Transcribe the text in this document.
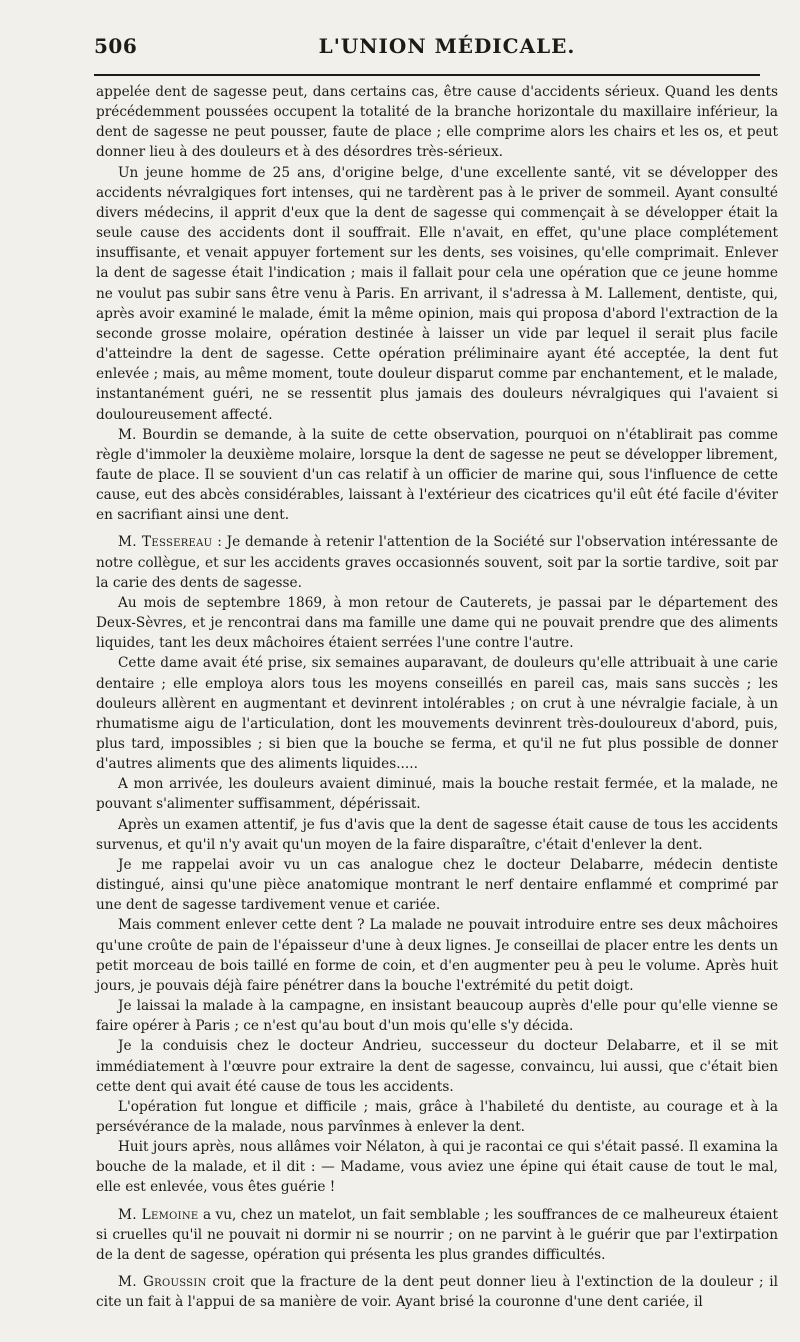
506	L'UNION MÉDICALE.

appelée dent de sagesse peut, dans certains cas, être cause d'accidents sérieux. Quand les dents précédemment poussées occupent la totalité de la branche horizontale du maxillaire inférieur, la dent de sagesse ne peut pousser, faute de place ; elle comprime alors les chairs et les os, et peut donner lieu à des douleurs et à des désordres très-sérieux.

Un jeune homme de 25 ans, d'origine belge, d'une excellente santé, vit se développer des accidents névralgiques fort intenses, qui ne tardèrent pas à le priver de sommeil. Ayant consulté divers médecins, il apprit d'eux que la dent de sagesse qui commençait à se développer était la seule cause des accidents dont il souffrait. Elle n'avait, en effet, qu'une place complétement insuffisante, et venait appuyer fortement sur les dents, ses voisines, qu'elle comprimait. Enlever la dent de sagesse était l'indication ; mais il fallait pour cela une opération que ce jeune homme ne voulut pas subir sans être venu à Paris. En arrivant, il s'adressa à M. Lallement, dentiste, qui, après avoir examiné le malade, émit la même opinion, mais qui proposa d'abord l'extraction de la seconde grosse molaire, opération destinée à laisser un vide par lequel il serait plus facile d'atteindre la dent de sagesse. Cette opération préliminaire ayant été acceptée, la dent fut enlevée ; mais, au même moment, toute douleur disparut comme par enchantement, et le malade, instantanément guéri, ne se ressentit plus jamais des douleurs névralgiques qui l'avaient si douloureusement affecté.

M. Bourdin se demande, à la suite de cette observation, pourquoi on n'établirait pas comme règle d'immoler la deuxième molaire, lorsque la dent de sagesse ne peut se développer librement, faute de place. Il se souvient d'un cas relatif à un officier de marine qui, sous l'influence de cette cause, eut des abcès considérables, laissant à l'extérieur des cicatrices qu'il eût été facile d'éviter en sacrifiant ainsi une dent.

M. Tessereau : Je demande à retenir l'attention de la Société sur l'observation intéressante de notre collègue, et sur les accidents graves occasionnés souvent, soit par la sortie tardive, soit par la carie des dents de sagesse.

Au mois de septembre 1869, à mon retour de Cauterets, je passai par le département des Deux-Sèvres, et je rencontrai dans ma famille une dame qui ne pouvait prendre que des aliments liquides, tant les deux mâchoires étaient serrées l'une contre l'autre.

Cette dame avait été prise, six semaines auparavant, de douleurs qu'elle attribuait à une carie dentaire ; elle employa alors tous les moyens conseillés en pareil cas, mais sans succès ; les douleurs allèrent en augmentant et devinrent intolérables ; on crut à une névralgie faciale, à un rhumatisme aigu de l'articulation, dont les mouvements devinrent très-douloureux d'abord, puis, plus tard, impossibles ; si bien que la bouche se ferma, et qu'il ne fut plus possible de donner d'autres aliments que des aliments liquides.....

A mon arrivée, les douleurs avaient diminué, mais la bouche restait fermée, et la malade, ne pouvant s'alimenter suffisamment, dépérissait.

Après un examen attentif, je fus d'avis que la dent de sagesse était cause de tous les accidents survenus, et qu'il n'y avait qu'un moyen de la faire disparaître, c'était d'enlever la dent.

Je me rappelai avoir vu un cas analogue chez le docteur Delabarre, médecin dentiste distingué, ainsi qu'une pièce anatomique montrant le nerf dentaire enflammé et comprimé par une dent de sagesse tardivement venue et cariée.

Mais comment enlever cette dent ? La malade ne pouvait introduire entre ses deux mâchoires qu'une croûte de pain de l'épaisseur d'une à deux lignes. Je conseillai de placer entre les dents un petit morceau de bois taillé en forme de coin, et d'en augmenter peu à peu le volume. Après huit jours, je pouvais déjà faire pénétrer dans la bouche l'extrémité du petit doigt.

Je laissai la malade à la campagne, en insistant beaucoup auprès d'elle pour qu'elle vienne se faire opérer à Paris ; ce n'est qu'au bout d'un mois qu'elle s'y décida.

Je la conduisis chez le docteur Andrieu, successeur du docteur Delabarre, et il se mit immédiatement à l'œuvre pour extraire la dent de sagesse, convaincu, lui aussi, que c'était bien cette dent qui avait été cause de tous les accidents.

L'opération fut longue et difficile ; mais, grâce à l'habileté du dentiste, au courage et à la persévérance de la malade, nous parvînmes à enlever la dent.

Huit jours après, nous allâmes voir Nélaton, à qui je racontai ce qui s'était passé. Il examina la bouche de la malade, et il dit : — Madame, vous aviez une épine qui était cause de tout le mal, elle est enlevée, vous êtes guérie !

M. Lemoine a vu, chez un matelot, un fait semblable ; les souffrances de ce malheureux étaient si cruelles qu'il ne pouvait ni dormir ni se nourrir ; on ne parvint à le guérir que par l'extirpation de la dent de sagesse, opération qui présenta les plus grandes difficultés.

M. Groussin croit que la fracture de la dent peut donner lieu à l'extinction de la douleur ; il cite un fait à l'appui de sa manière de voir. Ayant brisé la couronne d'une dent cariée, il
